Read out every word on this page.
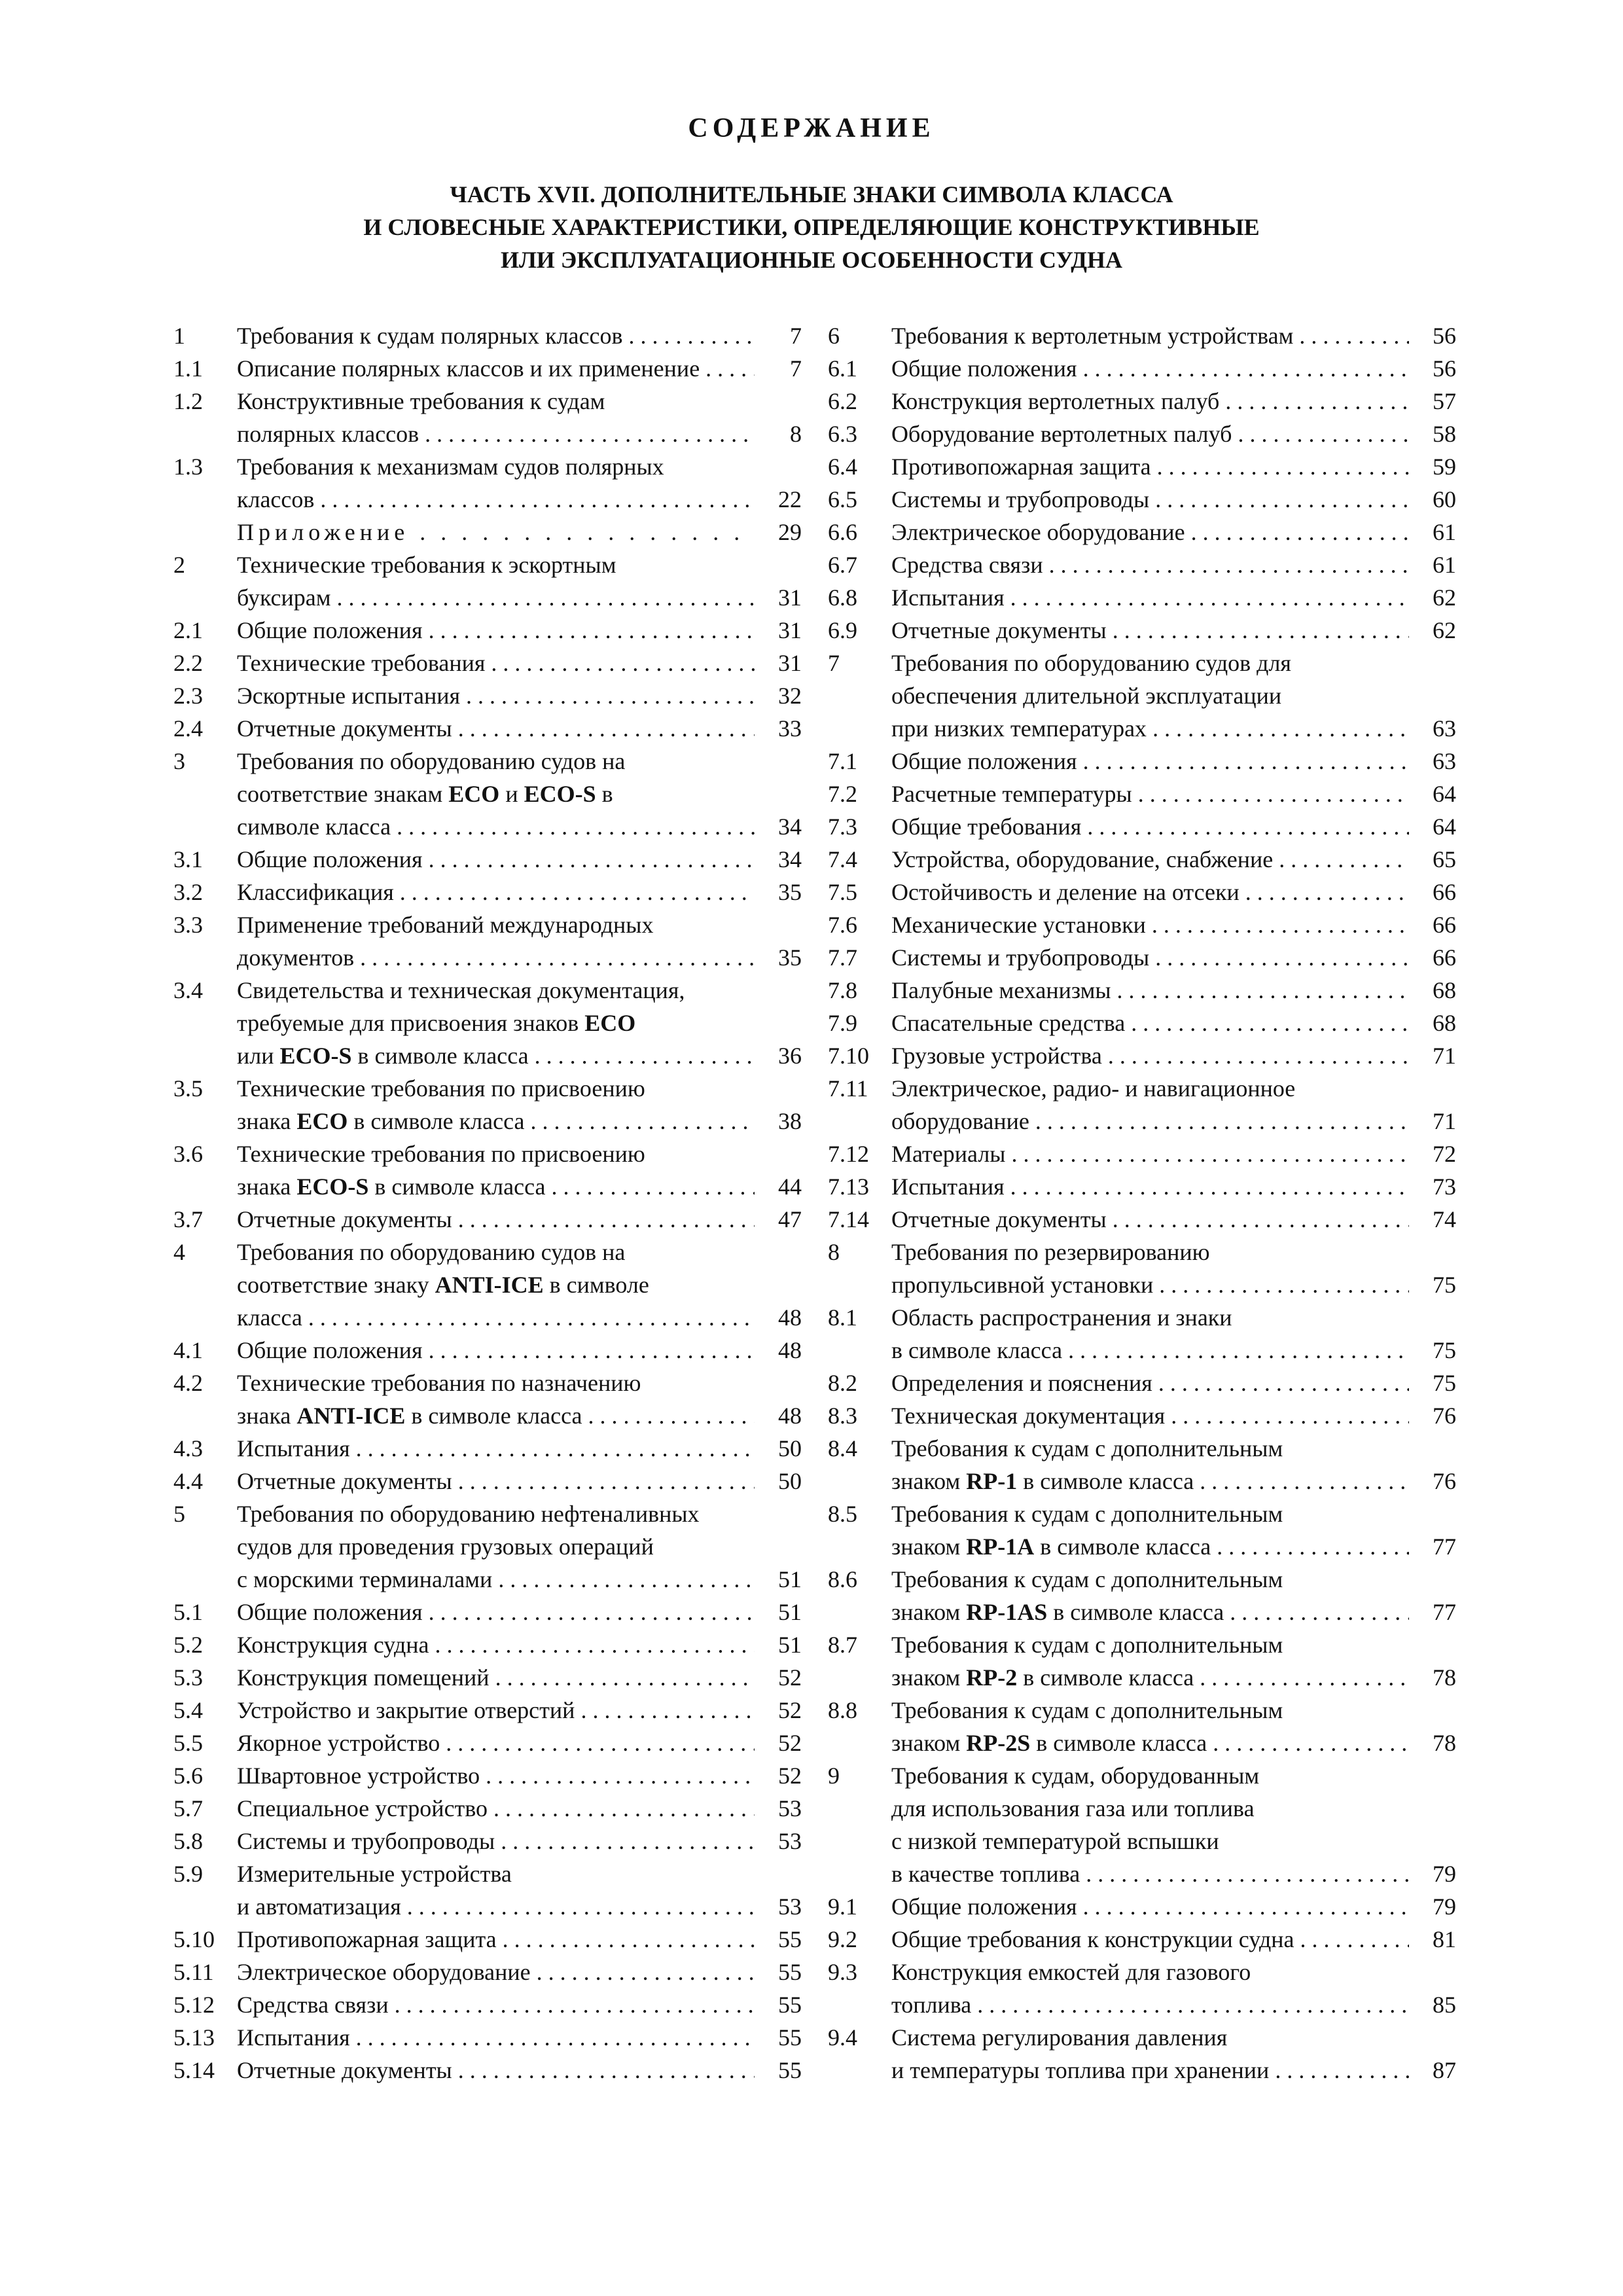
СОДЕРЖАНИЕ
ЧАСТЬ XVII. ДОПОЛНИТЕЛЬНЫЕ ЗНАКИ СИМВОЛА КЛАССА
И СЛОВЕСНЫЕ ХАРАКТЕРИСТИКИ, ОПРЕДЕЛЯЮЩИЕ КОНСТРУКТИВНЫЕ
ИЛИ ЭКСПЛУАТАЦИОННЫЕ ОСОБЕННОСТИ СУДНА
1 Требования к судам полярных классов . . .	7
1.1 Описание полярных классов и их применение . . .	7
1.2 Конструктивные требования к судам
полярных классов . . .	8
1.3 Требования к механизмам судов полярных
классов . . .	22
Приложение . . .	29
2 Технические требования к эскортным
буксирам . . .	31
2.1 Общие положения . . .	31
2.2 Технические требования . . .	31
2.3 Эскортные испытания . . .	32
2.4 Отчетные документы . . .	33
3 Требования по оборудованию судов на
соответствие знакам ECO и ECO-S в
символе класса . . .	34
3.1 Общие положения . . .	34
3.2 Классификация . . .	35
3.3 Применение требований международных
документов . . .	35
3.4 Свидетельства и техническая документация,
требуемые для присвоения знаков ECO
или ECO-S в символе класса . . .	36
3.5 Технические требования по присвоению
знака ECO в символе класса . . .	38
3.6 Технические требования по присвоению
знака ECO-S в символе класса . . .	44
3.7 Отчетные документы . . .	47
4 Требования по оборудованию судов на
соответствие знаку ANTI-ICE в символе
класса . . .	48
4.1 Общие положения . . .	48
4.2 Технические требования по назначению
знака ANTI-ICE в символе класса . . .	48
4.3 Испытания . . .	50
4.4 Отчетные документы . . .	50
5 Требования по оборудованию нефтеналивных
судов для проведения грузовых операций
с морскими терминалами . . .	51
5.1 Общие положения . . .	51
5.2 Конструкция судна . . .	51
5.3 Конструкция помещений . . .	52
5.4 Устройство и закрытие отверстий . . .	52
5.5 Якорное устройство . . .	52
5.6 Швартовное устройство . . .	52
5.7 Специальное устройство . . .	53
5.8 Системы и трубопроводы . . .	53
5.9 Измерительные устройства
и автоматизация . . .	53
5.10 Противопожарная защита . . .	55
5.11 Электрическое оборудование . . .	55
5.12 Средства связи . . .	55
5.13 Испытания . . .	55
5.14 Отчетные документы . . .	55
6 Требования к вертолетным устройствам . . .	56
6.1 Общие положения . . .	56
6.2 Конструкция вертолетных палуб . . .	57
6.3 Оборудование вертолетных палуб . . .	58
6.4 Противопожарная защита . . .	59
6.5 Системы и трубопроводы . . .	60
6.6 Электрическое оборудование . . .	61
6.7 Средства связи . . .	61
6.8 Испытания . . .	62
6.9 Отчетные документы . . .	62
7 Требования по оборудованию судов для
обеспечения длительной эксплуатации
при низких температурах . . .	63
7.1 Общие положения . . .	63
7.2 Расчетные температуры . . .	64
7.3 Общие требования . . .	64
7.4 Устройства, оборудование, снабжение . . .	65
7.5 Остойчивость и деление на отсеки . . .	66
7.6 Механические установки . . .	66
7.7 Системы и трубопроводы . . .	66
7.8 Палубные механизмы . . .	68
7.9 Спасательные средства . . .	68
7.10 Грузовые устройства . . .	71
7.11 Электрическое, радио- и навигационное
оборудование . . .	71
7.12 Материалы . . .	72
7.13 Испытания . . .	73
7.14 Отчетные документы . . .	74
8 Требования по резервированию
пропульсивной установки . . .	75
8.1 Область распространения и знаки
в символе класса . . .	75
8.2 Определения и пояснения . . .	75
8.3 Техническая документация . . .	76
8.4 Требования к судам с дополнительным
знаком RP-1 в символе класса . . .	76
8.5 Требования к судам с дополнительным
знаком RP-1A в символе класса . . .	77
8.6 Требования к судам с дополнительным
знаком RP-1AS в символе класса . . .	77
8.7 Требования к судам с дополнительным
знаком RP-2 в символе класса . . .	78
8.8 Требования к судам с дополнительным
знаком RP-2S в символе класса . . .	78
9 Требования к судам, оборудованным
для использования газа или топлива
с низкой температурой вспышки
в качестве топлива . . .	79
9.1 Общие положения . . .	79
9.2 Общие требования к конструкции судна . . .	81
9.3 Конструкция емкостей для газового
топлива . . .	85
9.4 Система регулирования давления
и температуры топлива при хранении . . .	87
